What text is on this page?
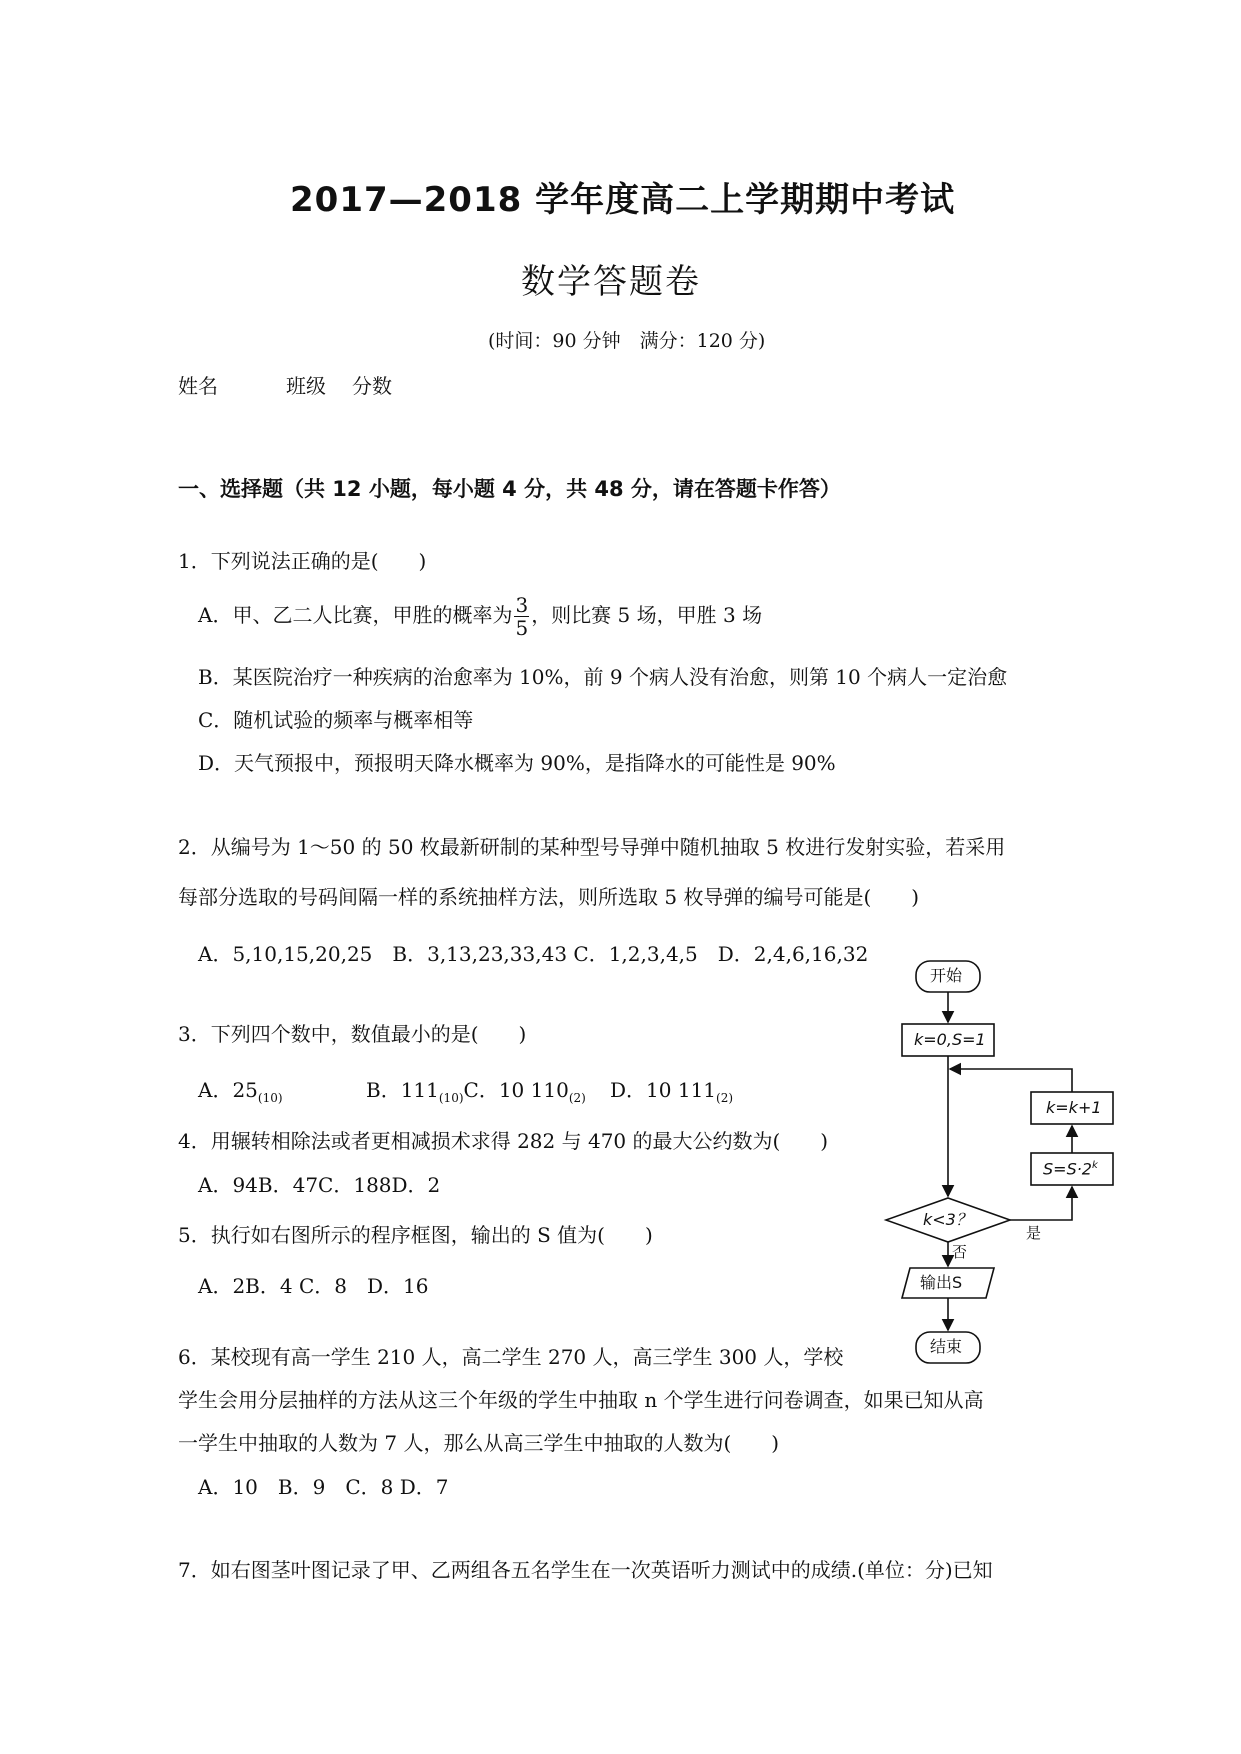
2017—2018 学年度高二上学期期中考试
数学答题卷
(时间：90 分钟　满分：120 分)
姓名	班级 分数
一、选择题（共 12 小题，每小题 4 分，共 48 分，请在答题卡作答）
1．下列说法正确的是(　　)
A．甲、乙二人比赛，甲胜的概率为 $\frac{3}{5}$ ，则比赛 5 场，甲胜 3 场
B．某医院治疗一种疾病的治愈率为 10%，前 9 个病人没有治愈，则第 10 个病人一定治愈
C．随机试验的频率与概率相等
D．天气预报中，预报明天降水概率为 90%，是指降水的可能性是 90%
2．从编号为 1～50 的 50 枚最新研制的某种型号导弹中随机抽取 5 枚进行发射实验，若采用
每部分选取的号码间隔一样的系统抽样方法，则所选取 5 枚导弹的编号可能是(　　)
A．5,10,15,20,25　B．3,13,23,33,43 C．1,2,3,4,5　D．2,4,6,16,32
3．下列四个数中，数值最小的是(　　)
A．$25_{(10)}$	B．$111_{(10)}C$．10 $110_{(2)}$ D．10 $111_{(2)}$
4．用辗转相除法或者更相减损术求得 282 与 470 的最大公约数为(　　)
A．94B．47C．188D．2
5．执行如右图所示的程序框图，输出的 S 值为(　　)
A．2B．4 C．8　D．16
6．某校现有高一学生 210 人，高二学生 270 人，高三学生 300 人，学校
学生会用分层抽样的方法从这三个年级的学生中抽取 n 个学生进行问卷调查，如果已知从高
一学生中抽取的人数为 7 人，那么从高三学生中抽取的人数为(　　)
A．10　B．9　C．8 D．7
7．如右图茎叶图记录了甲、乙两组各五名学生在一次英语听力测试中的成绩.(单位：分)已知
开始
k=0,S=1
k=k+1
$S=S\cdot 2^k$
k<3？
是
否
输出S
结束
